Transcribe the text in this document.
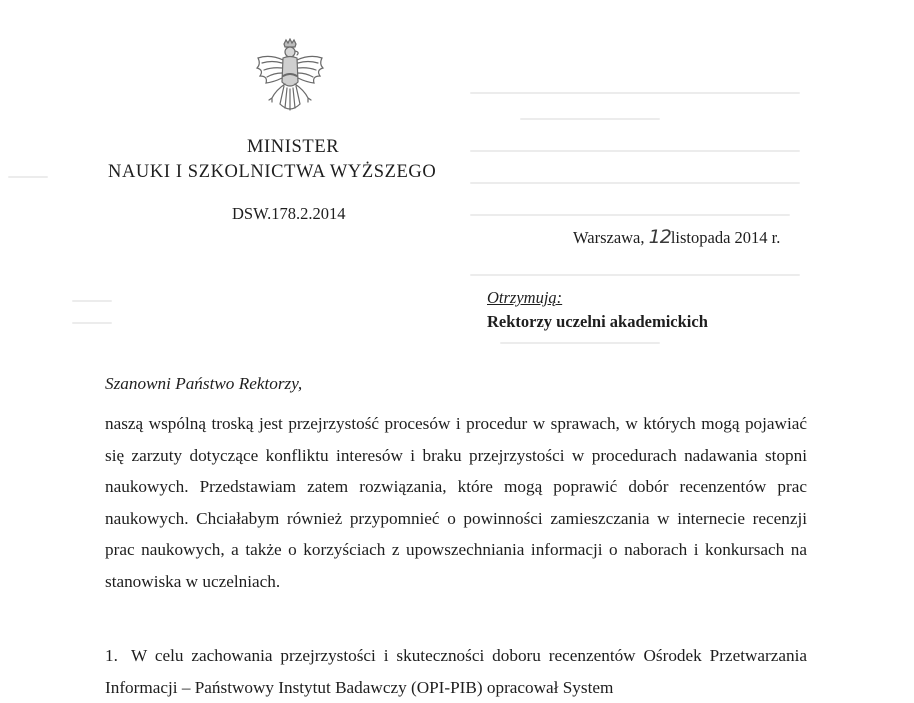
MINISTER
NAUKI I SZKOLNICTWA WYŻSZEGO
DSW.178.2.2014
Warszawa, 12listopada 2014 r.
Otrzymują:
Rektorzy uczelni akademickich
Szanowni Państwo Rektorzy,

naszą wspólną troską jest przejrzystość procesów i procedur w sprawach, w których mogą pojawiać się zarzuty dotyczące konfliktu interesów i braku przejrzystości w procedurach nadawania stopni naukowych. Przedstawiam zatem rozwiązania, które mogą poprawić dobór recenzentów prac naukowych. Chciałabym również przypomnieć o powinności zamieszczania w internecie recenzji prac naukowych, a także o korzyściach z upowszechniania informacji o naborach i konkursach na stanowiska w uczelniach.

1. W celu zachowania przejrzystości i skuteczności doboru recenzentów Ośrodek Przetwarzania Informacji – Państwowy Instytut Badawczy (OPI-PIB) opracował System
